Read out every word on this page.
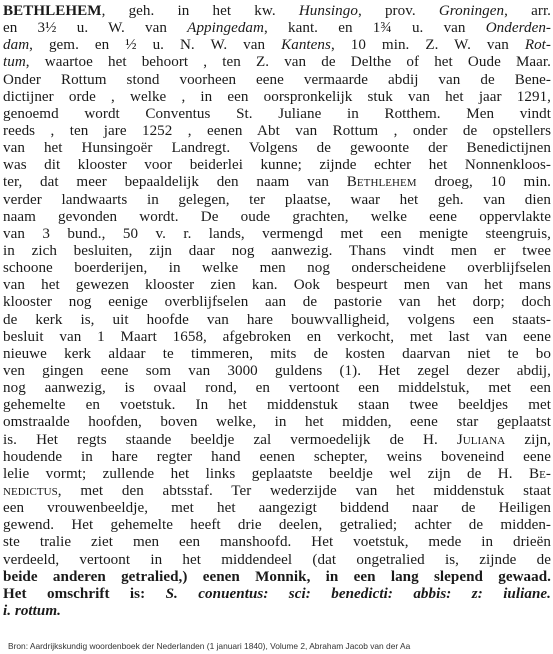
BETHLEHEM, geh. in het kw. Hunsingo, prov. Groningen, arr.
en 3½ u. W. van Appingedam, kant. en 1¾ u. van Onderden-
dam, gem. en ½ u. N. W. van Kantens, 10 min. Z. W. van Rot-
tum, waartoe het behoort , ten Z. van de Delthe of het Oude Maar.
Onder Rottum stond voorheen eene vermaarde abdij van de Bene-
dictijner orde , welke , in een oorspronkelijk stuk van het jaar 1291,
genoemd wordt Conventus St. Juliane in Rotthem. Men vindt
reeds , ten jare 1252 , eenen Abt van Rottum , onder de opstellers
van het Hunsingoër Landregt. Volgens de gewoonte der Benedictijnen
was dit klooster voor beiderlei kunne; zijnde echter het Nonnenkloos-
ter, dat meer bepaaldelijk den naam van Bethlehem droeg, 10 min.
verder landwaarts in gelegen, ter plaatse, waar het geh. van dien
naam gevonden wordt. De oude grachten, welke eene oppervlakte
van 3 bund., 50 v. r. lands, vermengd met een menigte steengruis,
in zich besluiten, zijn daar nog aanwezig. Thans vindt men er twee
schoone boerderijen, in welke men nog onderscheidene overblijfselen
van het gewezen klooster zien kan. Ook bespeurt men van het mans
klooster nog eenige overblijfselen aan de pastorie van het dorp; doch
de kerk is, uit hoofde van hare bouwvalligheid, volgens een staats-
besluit van 1 Maart 1658, afgebroken en verkocht, met last van eene
nieuwe kerk aldaar te timmeren, mits de kosten daarvan niet te bo
ven gingen eene som van 3000 guldens (1). Het zegel dezer abdij,
nog aanwezig, is ovaal rond, en vertoont een middelstuk, met een
gehemelte en voetstuk. In het middenstuk staan twee beeldjes met
omstraalde hoofden, boven welke, in het midden, eene star geplaatst
is. Het regts staande beeldje zal vermoedelijk de H. Juliana zijn,
houdende in hare regter hand eenen schepter, weins boveneind eene
lelie vormt; zullende het links geplaatste beeldje wel zijn de H. Be-
nedictus, met den abtsstaf. Ter wederzijde van het middenstuk staat
een vrouwenbeeldje, met het aangezigt biddend naar de Heiligen
gewend. Het gehemelte heeft drie deelen, getralied; achter de midden-
ste tralie ziet men een manshoofd. Het voetstuk, mede in drieën
verdeeld, vertoont in het middendeel (dat ongetralied is, zijnde de
beide anderen getralied,) eenen Monnik, in een lang slepend gewaad.
Het omschrift is: S. conuentus: sci: benedicti: abbis: z: iuliane.
i. rottum.
Bron: Aardrijkskundig woordenboek der Nederlanden (1 januari 1840), Volume 2, Abraham Jacob van der Aa
